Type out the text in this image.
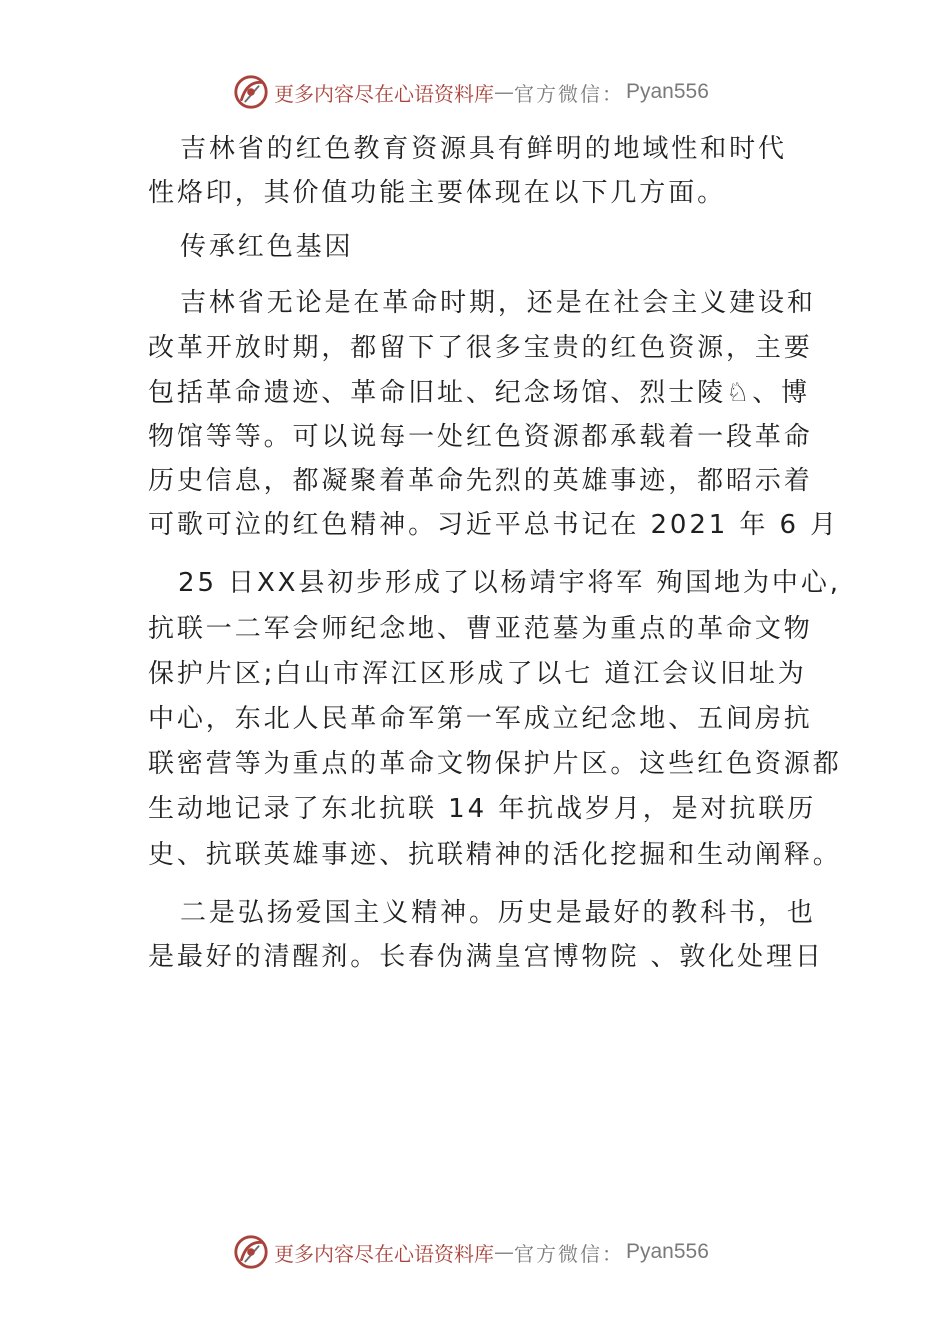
更多内容尽在心语资料库 — 官方微信： Pyan556
吉林省的红色教育资源具有鲜明的地域性和时代
性烙印，其价值功能主要体现在以下几方面。
传承红色基因
吉林省无论是在革命时期，还是在社会主义建设和
改革开放时期，都留下了很多宝贵的红色资源，主要
包括革命遗迹、革命旧址、纪念场馆、烈士陵♘、博
物馆等等。可以说每一处红色资源都承载着一段革命
历史信息，都凝聚着革命先烈的英雄事迹，都昭示着
可歌可泣的红色精神。习近平总书记在 2021 年 6 月
25 日XX县初步形成了以杨靖宇将军 殉国地为中心,
抗联一二军会师纪念地、曹亚范墓为重点的革命文物
保护片区;白山市浑江区形成了以七 道江会议旧址为
中心，东北人民革命军第一军成立纪念地、五间房抗
联密营等为重点的革命文物保护片区。这些红色资源都
生动地记录了东北抗联 14 年抗战岁月，是对抗联历
史、抗联英雄事迹、抗联精神的活化挖掘和生动阐释。
二是弘扬爱国主义精神。历史是最好的教科书，也
是最好的清醒剂。长春伪满皇宫博物院 、敦化处理日
更多内容尽在心语资料库 — 官方微信： Pyan556
